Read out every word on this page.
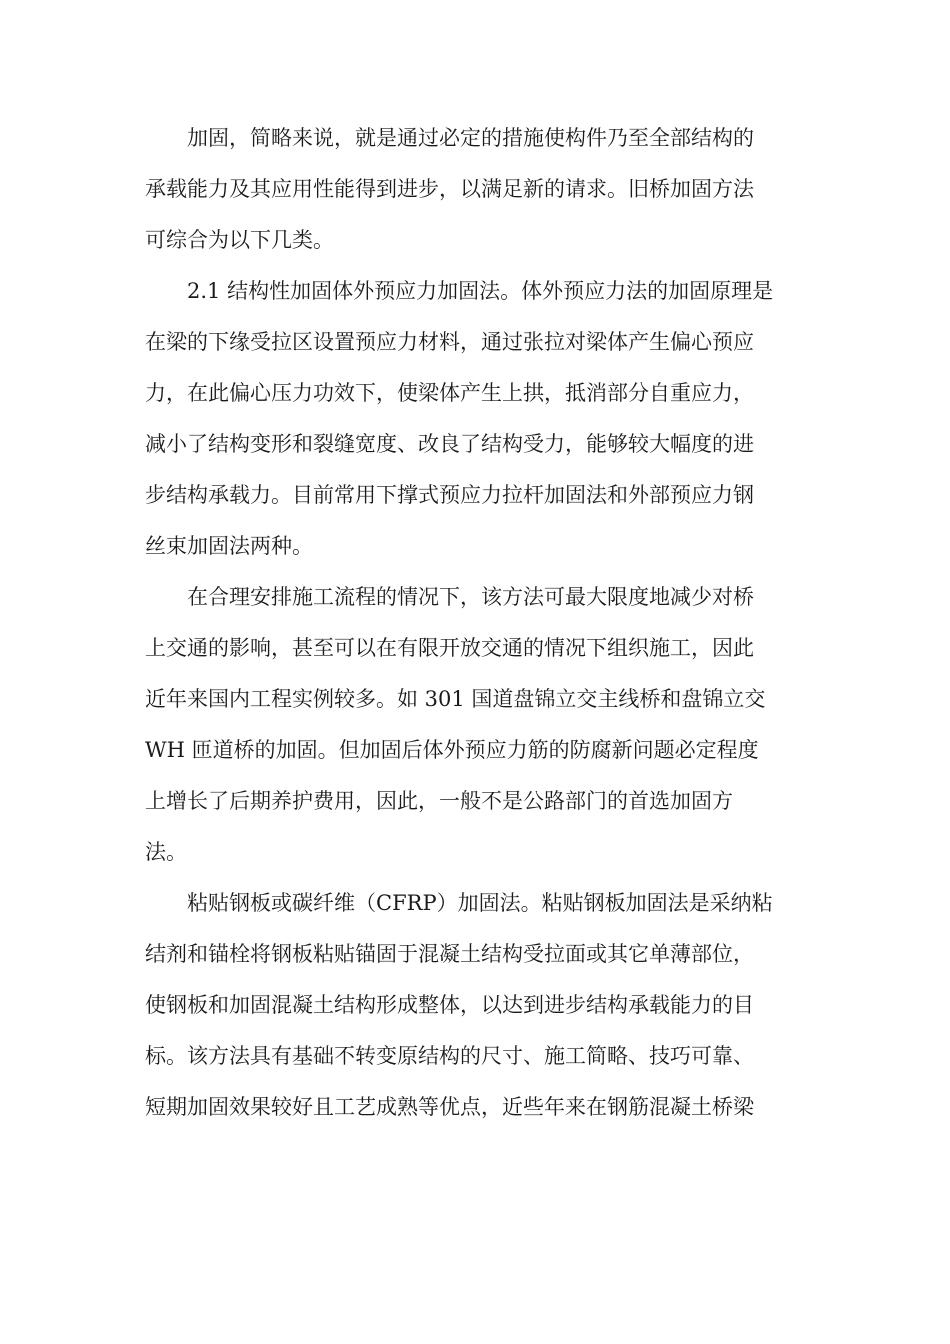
加固，简略来说，就是通过必定的措施使构件乃至全部结构的
承载能力及其应用性能得到进步，以满足新的请求。旧桥加固方法
可综合为以下几类。
2.1 结构性加固体外预应力加固法。体外预应力法的加固原理是
在梁的下缘受拉区设置预应力材料，通过张拉对梁体产生偏心预应
力，在此偏心压力功效下，使梁体产生上拱，抵消部分自重应力，
减小了结构变形和裂缝宽度、改良了结构受力，能够较大幅度的进
步结构承载力。目前常用下撑式预应力拉杆加固法和外部预应力钢
丝束加固法两种。
在合理安排施工流程的情况下，该方法可最大限度地减少对桥
上交通的影响，甚至可以在有限开放交通的情况下组织施工，因此
近年来国内工程实例较多。如 301 国道盘锦立交主线桥和盘锦立交
WH 匝道桥的加固。但加固后体外预应力筋的防腐新问题必定程度
上增长了后期养护费用，因此，一般不是公路部门的首选加固方
法。
粘贴钢板或碳纤维（CFRP）加固法。粘贴钢板加固法是采纳粘
结剂和锚栓将钢板粘贴锚固于混凝土结构受拉面或其它单薄部位，
使钢板和加固混凝土结构形成整体，以达到进步结构承载能力的目
标。该方法具有基础不转变原结构的尺寸、施工简略、技巧可靠、
短期加固效果较好且工艺成熟等优点，近些年来在钢筋混凝土桥梁
